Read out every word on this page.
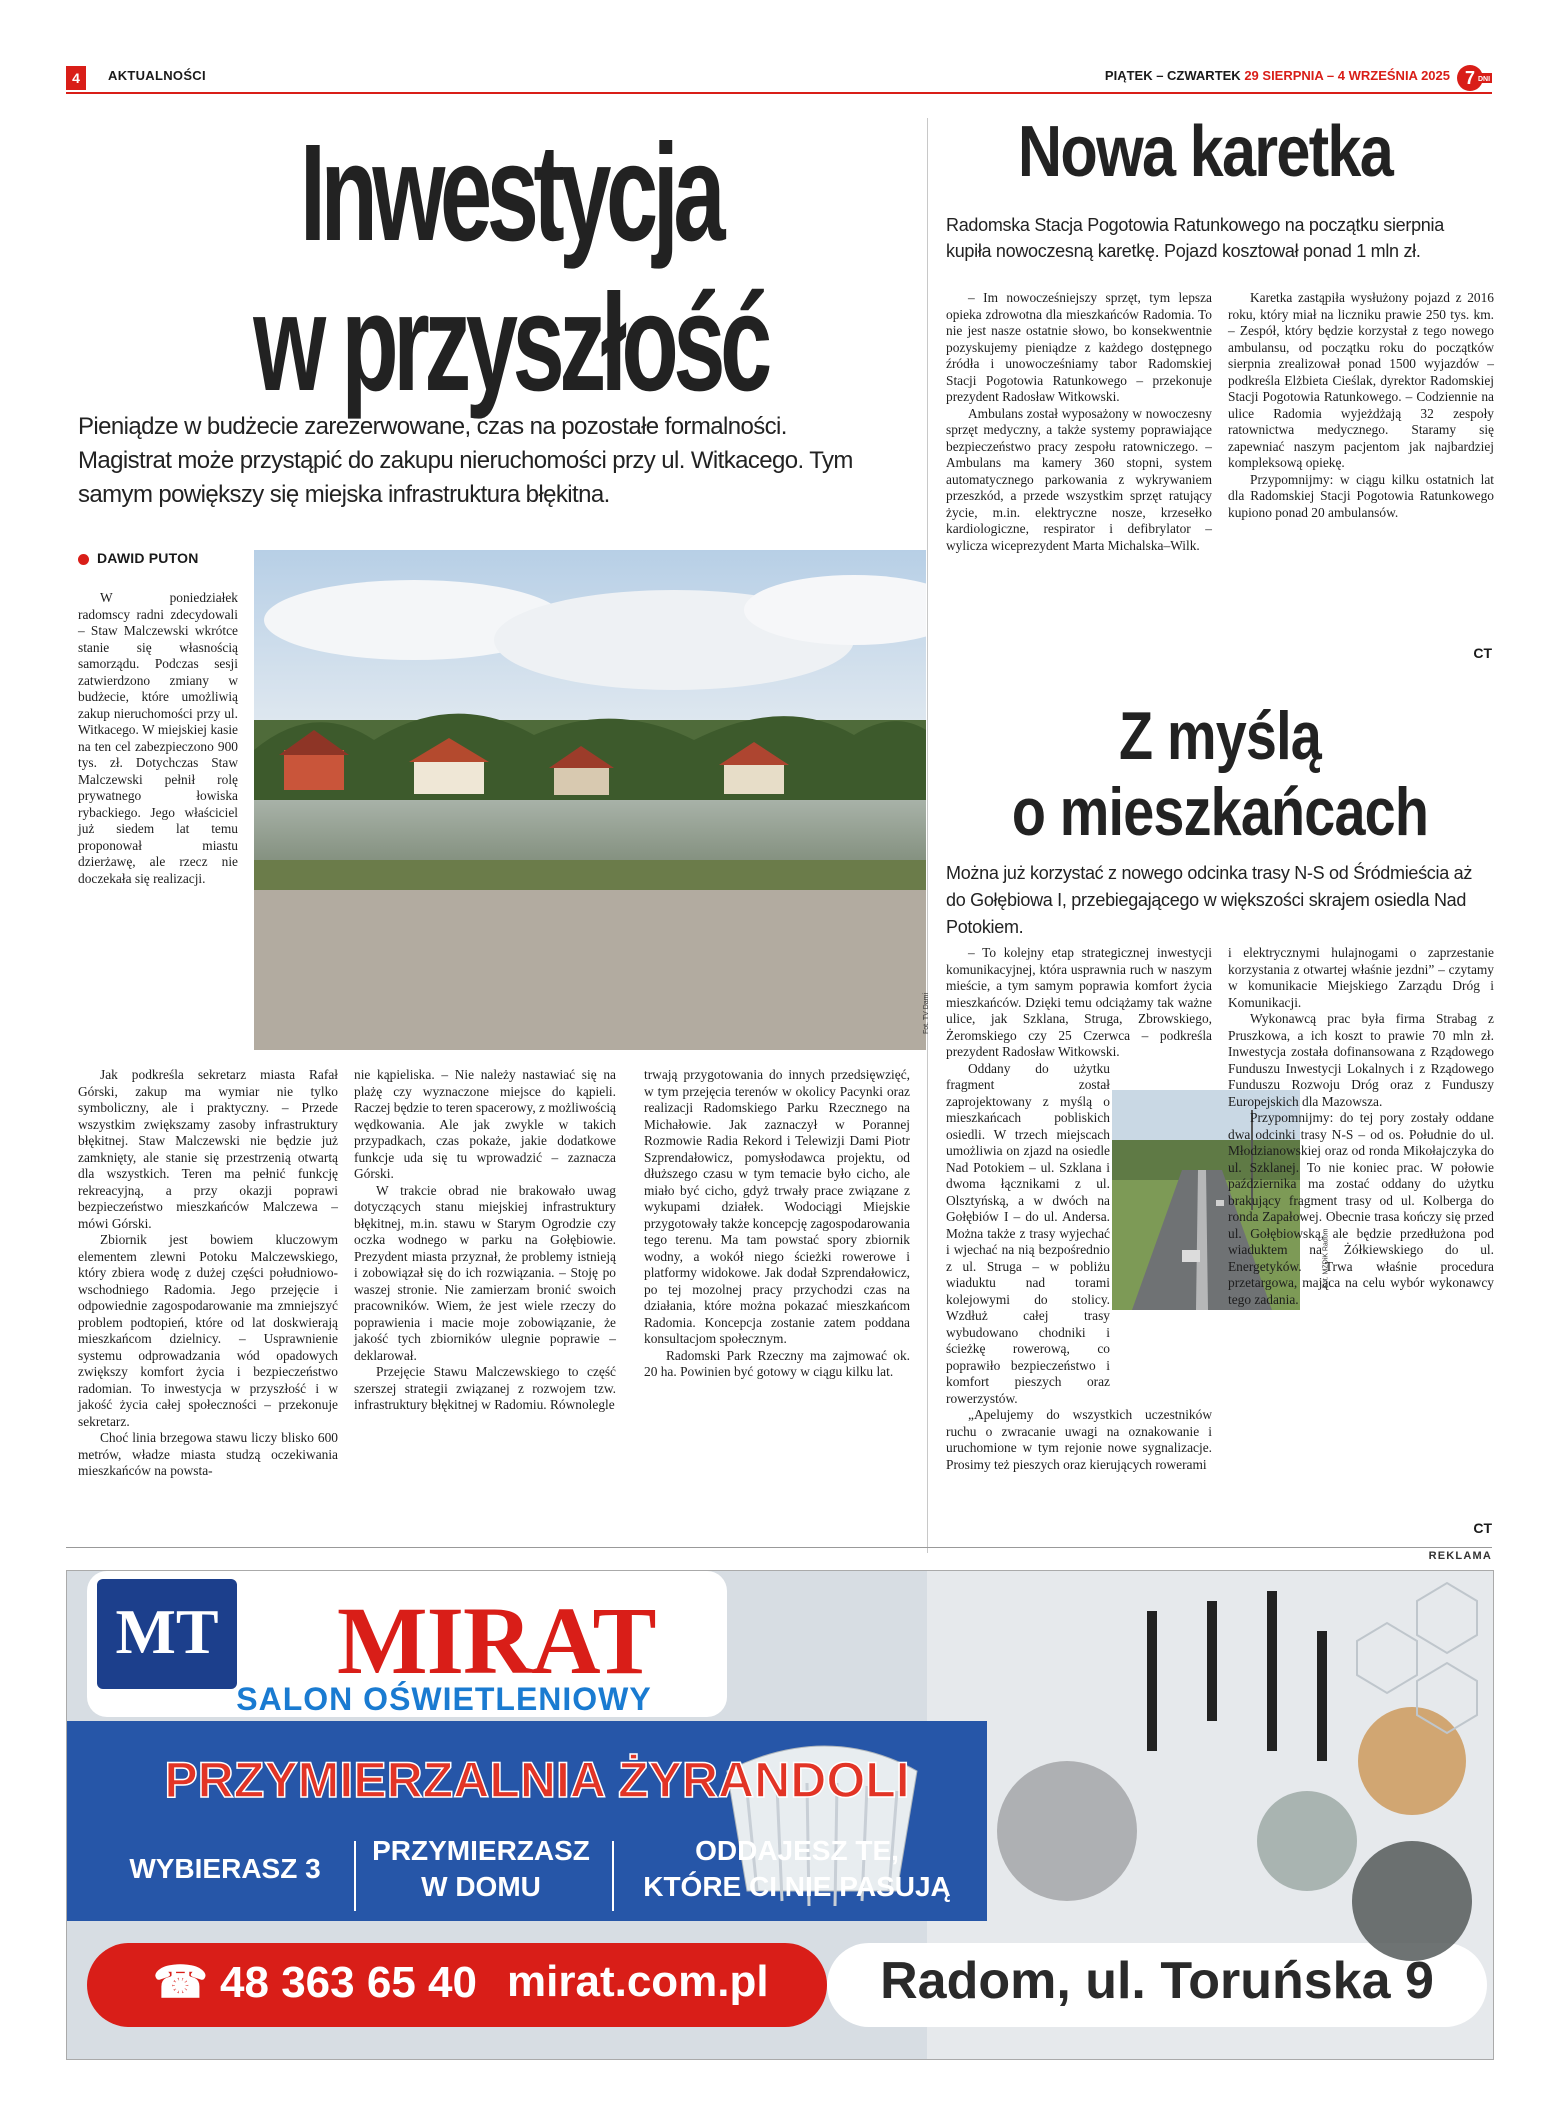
4	AKTUALNOŚCI	PIĄTEK – CZWARTEK 29 SIERPNIA – 4 WRZEŚNIA 2025 7 DNI
Inwestycja
w przyszłość
Pieniądze w budżecie zarezerwowane, czas na pozostałe formalności. Magistrat może przystąpić do zakupu nieruchomości przy ul. Witkacego. Tym samym powiększy się miejska infrastruktura błękitna.
DAWID PUTON

W poniedziałek radomscy radni zdecydowali – Staw Malczewski wkrótce stanie się własnością samorządu. Podczas sesji zatwierdzono zmiany w budżecie, które umożliwią zakup nieruchomości przy ul. Witkacego. W miejskiej kasie na ten cel zabezpieczono 900 tys. zł. Dotychczas Staw Malczewski pełnił rolę prywatnego łowiska rybackiego. Jego właściciel już siedem lat temu proponował miastu dzierżawę, ale rzecz nie doczekała się realizacji.

Fot. TV Dami

Jak podkreśla sekretarz miasta Rafał Górski, zakup ma wymiar nie tylko symboliczny, ale i praktyczny. – Przede wszystkim zwiększamy zasoby infrastruktury błękitnej. Staw Malczewski nie będzie już zamknięty, ale stanie się przestrzenią otwartą dla wszystkich. Teren ma pełnić funkcję rekreacyjną, a przy okazji poprawi bezpieczeństwo mieszkańców Malczewa – mówi Górski.

Zbiornik jest bowiem kluczowym elementem zlewni Potoku Malczewskiego, który zbiera wodę z dużej części południowo-wschodniego Radomia. Jego przejęcie i odpowiednie zagospodarowanie ma zmniejszyć problem podtopień, które od lat doskwierają mieszkańcom dzielnicy. – Usprawnienie systemu odprowadzania wód opadowych zwiększy komfort życia i bezpieczeństwo radomian. To inwestycja w przyszłość i w jakość życia całej społeczności – przekonuje sekretarz.

Choć linia brzegowa stawu liczy blisko 600 metrów, władze miasta studzą oczekiwania mieszkańców na powsta-

nie kąpieliska. – Nie należy nastawiać się na plażę czy wyznaczone miejsce do kąpieli. Raczej będzie to teren spacerowy, z możliwością wędkowania. Ale jak zwykle w takich przypadkach, czas pokaże, jakie dodatkowe funkcje uda się tu wprowadzić – zaznacza Górski.

W trakcie obrad nie brakowało uwag dotyczących stanu miejskiej infrastruktury błękitnej, m.in. stawu w Starym Ogrodzie czy oczka wodnego w parku na Gołębiowie. Prezydent miasta przyznał, że problemy istnieją i zobowiązał się do ich rozwiązania. – Stoję po waszej stronie. Nie zamierzam bronić swoich pracowników. Wiem, że jest wiele rzeczy do poprawienia i macie moje zobowiązanie, że jakość tych zbiorników ulegnie poprawie – deklarował.

Przejęcie Stawu Malczewskiego to część szerszej strategii związanej z rozwojem tzw. infrastruktury błękitnej w Radomiu. Równolegle

trwają przygotowania do innych przedsięwzięć, w tym przejęcia terenów w okolicy Pacynki oraz realizacji Radomskiego Parku Rzecznego na Michałowie. Jak zaznaczył w Porannej Rozmowie Radia Rekord i Telewizji Dami Piotr Szprendałowicz, pomysłodawca projektu, od dłuższego czasu w tym temacie było cicho, ale miało być cicho, gdyż trwały prace związane z wykupami działek. Wodociągi Miejskie przygotowały także koncepcję zagospodarowania tego terenu. Ma tam powstać spory zbiornik wodny, a wokół niego ścieżki rowerowe i platformy widokowe. Jak dodał Szprendałowicz, po tej mozolnej pracy przychodzi czas na działania, które można pokazać mieszkańcom Radomia. Koncepcja zostanie zatem poddana konsultacjom społecznym.

Radomski Park Rzeczny ma zajmować ok. 20 ha. Powinien być gotowy w ciągu kilku lat.

Nowa karetka
Radomska Stacja Pogotowia Ratunkowego na początku sierpnia kupiła nowoczesną karetkę. Pojazd kosztował ponad 1 mln zł.

– Im nowocześniejszy sprzęt, tym lepsza opieka zdrowotna dla mieszkańców Radomia. To nie jest nasze ostatnie słowo, bo konsekwentnie pozyskujemy pieniądze z każdego dostępnego źródła i unowocześniamy tabor Radomskiej Stacji Pogotowia Ratunkowego – przekonuje prezydent Radosław Witkowski.

Ambulans został wyposażony w nowoczesny sprzęt medyczny, a także systemy poprawiające bezpieczeństwo pracy zespołu ratowniczego. – Ambulans ma kamery 360 stopni, system automatycznego parkowania z wykrywaniem przeszkód, a przede wszystkim sprzęt ratujący życie, m.in. elektryczne nosze, krzesełko kardiologiczne, respirator i defibrylator – wylicza wiceprezydent Marta Michalska–Wilk.

Karetka zastąpiła wysłużony pojazd z 2016 roku, który miał na liczniku prawie 250 tys. km. – Zespół, który będzie korzystał z tego nowego ambulansu, od początku roku do początków sierpnia zrealizował ponad 1500 wyjazdów – podkreśla Elżbieta Cieślak, dyrektor Radomskiej Stacji Pogotowia Ratunkowego. – Codziennie na ulice Radomia wyjeżdżają 32 zespoły ratownictwa medycznego. Staramy się zapewniać naszym pacjentom jak najbardziej kompleksową opiekę.

Przypomnijmy: w ciągu kilku ostatnich lat dla Radomskiej Stacji Pogotowia Ratunkowego kupiono ponad 20 ambulansów.

CT
Z myślą
o mieszkańcach
Można już korzystać z nowego odcinka trasy N-S od Śródmieścia aż do Gołębiowa I, przebiegającego w większości skrajem osiedla Nad Potokiem.

– To kolejny etap strategicznej inwestycji komunikacyjnej, która usprawnia ruch w naszym mieście, a tym samym poprawia komfort życia mieszkańców. Dzięki temu odciążamy tak ważne ulice, jak Szklana, Struga, Zbrowskiego, Żeromskiego czy 25 Czerwca – podkreśla prezydent Radosław Witkowski.

Oddany do użytku fragment został zaprojektowany z myślą o mieszkańcach pobliskich osiedli. W trzech miejscach umożliwia on zjazd na osiedle Nad Potokiem – ul. Szklana i dwoma łącznikami z ul. Olsztyńską, a w dwóch na Gołębiów I – do ul. Andersa. Można także z trasy wyjechać i wjechać na nią bezpośrednio z ul. Struga – w pobliżu wiaduktu nad torami kolejowymi do stolicy. Wzdłuż całej trasy wybudowano chodniki i ścieżkę rowerową, co poprawiło bezpieczeństwo i komfort pieszych oraz rowerzystów.

„Apelujemy do wszystkich uczestników ruchu o zwracanie uwagi na oznakowanie i uruchomione w tym rejonie nowe sygnalizacje. Prosimy też pieszych oraz kierujących rowerami

Fot. MZDiK Radom

i elektrycznymi hulajnogami o zaprzestanie korzystania z otwartej właśnie jezdni” – czytamy w komunikacie Miejskiego Zarządu Dróg i Komunikacji.

Wykonawcą prac była firma Strabag z Pruszkowa, a ich koszt to prawie 70 mln zł. Inwestycja została dofinansowana z Rządowego Funduszu Inwestycji Lokalnych i z Rządowego Funduszu Rozwoju Dróg oraz z Funduszy Europejskich dla Mazowsza.

Przypomnijmy: do tej pory zostały oddane dwa odcinki trasy N-S – od os. Południe do ul. Młodzianowskiej oraz od ronda Mikołajczyka do ul. Szklanej. To nie koniec prac. W połowie października ma zostać oddany do użytku brakujący fragment trasy od ul. Kolberga do ronda Zapałowej. Obecnie trasa kończy się przed ul. Gołębiowską, ale będzie przedłużona pod wiaduktem na Żółkiewskiego do ul. Energetyków. Trwa właśnie procedura przetargowa, mająca na celu wybór wykonawcy tego zadania.

CT
REKLAMA
MT MIRAT
SALON OŚWIETLENIOWY
PRZYMIERZALNIA ŻYRANDOLI
WYBIERASZ 3
PRZYMIERZASZ
W DOMU
ODDAJESZ TE,
KTÓRE CI NIE PASUJĄ
☎ 48 363 65 40 mirat.com.pl	Radom, ul. Toruńska 9
